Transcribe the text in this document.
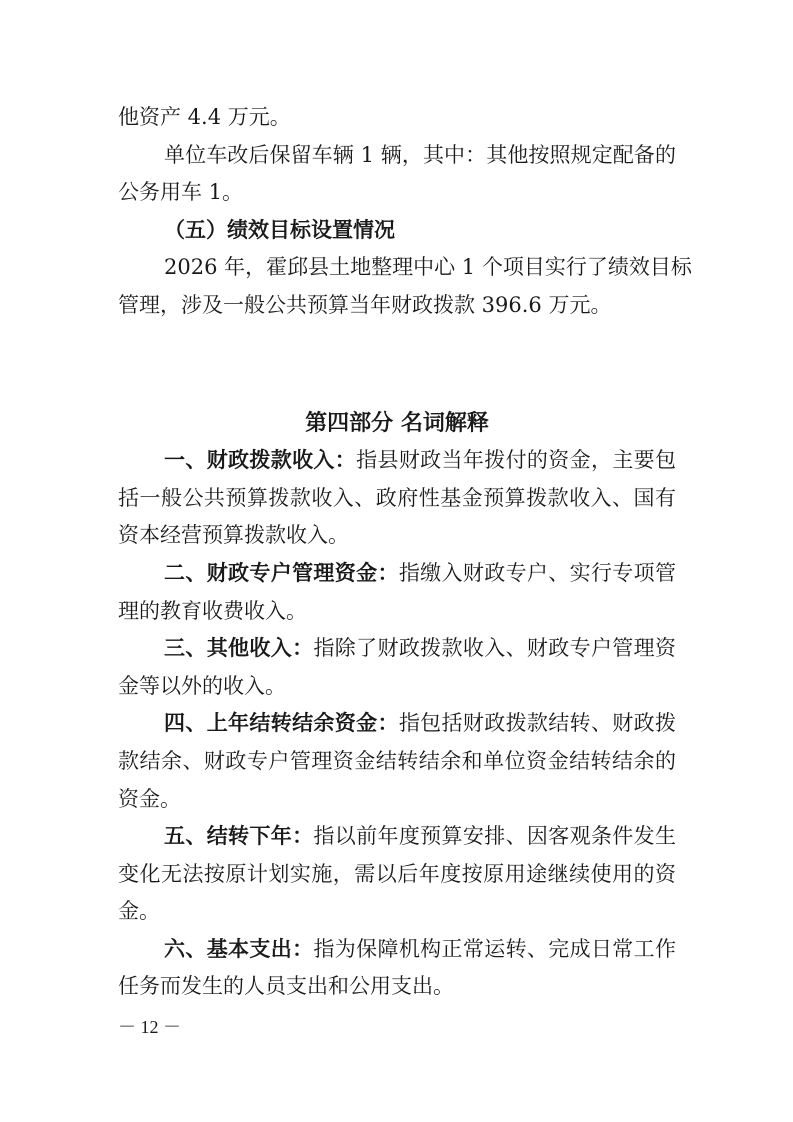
他资产 4.4 万元。
单位车改后保留车辆 1 辆，其中：其他按照规定配备的
公务用车 1。
（五）绩效目标设置情况
2026 年，霍邱县土地整理中心 1 个项目实行了绩效目标
管理，涉及一般公共预算当年财政拨款 396.6 万元。
第四部分 名词解释
一、财政拨款收入：指县财政当年拨付的资金，主要包
括一般公共预算拨款收入、政府性基金预算拨款收入、国有
资本经营预算拨款收入。
二、财政专户管理资金：指缴入财政专户、实行专项管
理的教育收费收入。
三、其他收入：指除了财政拨款收入、财政专户管理资
金等以外的收入。
四、上年结转结余资金：指包括财政拨款结转、财政拨
款结余、财政专户管理资金结转结余和单位资金结转结余的
资金。
五、结转下年：指以前年度预算安排、因客观条件发生
变化无法按原计划实施，需以后年度按原用途继续使用的资
金。
六、基本支出：指为保障机构正常运转、完成日常工作
任务而发生的人员支出和公用支出。
－ 12 －
